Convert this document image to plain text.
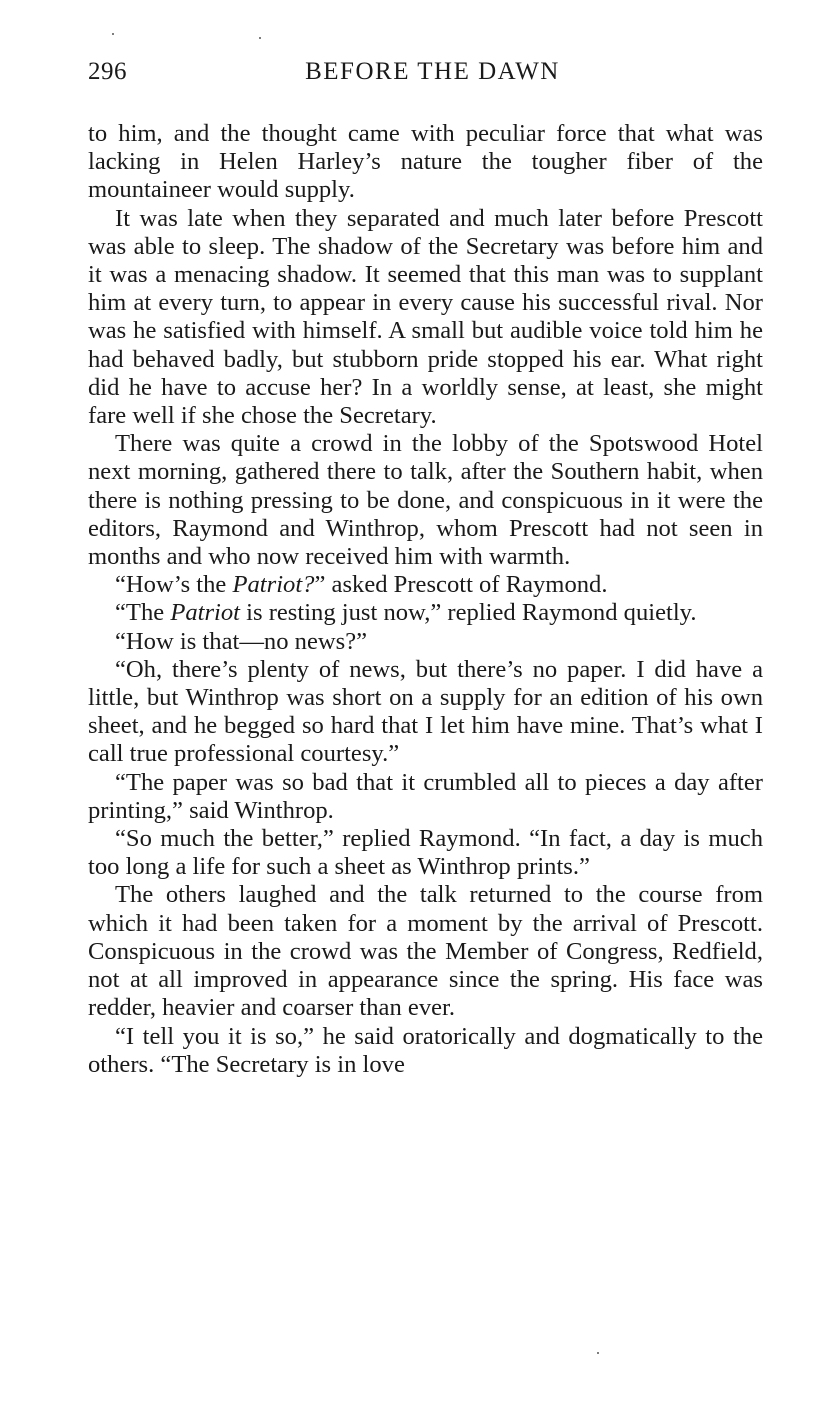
296	BEFORE THE DAWN

to him, and the thought came with peculiar force that what was lacking in Helen Harley’s nature the tougher fiber of the mountaineer would supply.

It was late when they separated and much later before Prescott was able to sleep. The shadow of the Secretary was before him and it was a menacing shadow. It seemed that this man was to supplant him at every turn, to appear in every cause his successful rival. Nor was he satisfied with himself. A small but audible voice told him he had behaved badly, but stubborn pride stopped his ear. What right did he have to accuse her? In a worldly sense, at least, she might fare well if she chose the Secretary.

There was quite a crowd in the lobby of the Spotswood Hotel next morning, gathered there to talk, after the Southern habit, when there is nothing pressing to be done, and conspicuous in it were the editors, Raymond and Winthrop, whom Prescott had not seen in months and who now received him with warmth.

“How’s the Patriot?” asked Prescott of Raymond.

“The Patriot is resting just now,” replied Raymond quietly.

“How is that—no news?”

“Oh, there’s plenty of news, but there’s no paper. I did have a little, but Winthrop was short on a supply for an edition of his own sheet, and he begged so hard that I let him have mine. That’s what I call true professional courtesy.”

“The paper was so bad that it crumbled all to pieces a day after printing,” said Winthrop.

“So much the better,” replied Raymond. “In fact, a day is much too long a life for such a sheet as Winthrop prints.”

The others laughed and the talk returned to the course from which it had been taken for a moment by the arrival of Prescott. Conspicuous in the crowd was the Member of Congress, Redfield, not at all improved in appearance since the spring. His face was redder, heavier and coarser than ever.

“I tell you it is so,” he said oratorically and dogmatically to the others. “The Secretary is in love
